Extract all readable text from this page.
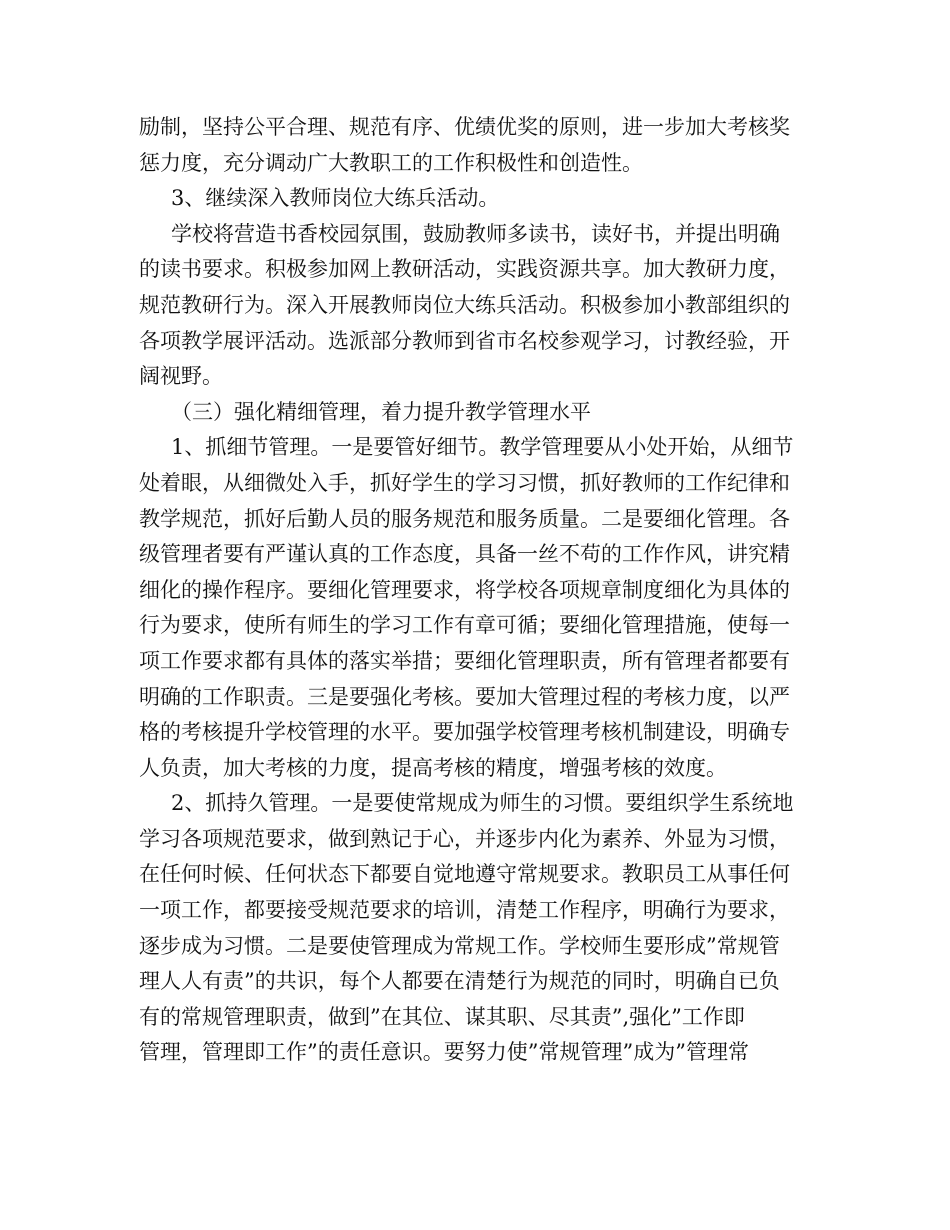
励制，坚持公平合理、规范有序、优绩优奖的原则，进一步加大考核奖
惩力度，充分调动广大教职工的工作积极性和创造性。
3、继续深入教师岗位大练兵活动。
学校将营造书香校园氛围，鼓励教师多读书，读好书，并提出明确
的读书要求。积极参加网上教研活动，实践资源共享。加大教研力度，
规范教研行为。深入开展教师岗位大练兵活动。积极参加小教部组织的
各项教学展评活动。选派部分教师到省市名校参观学习，讨教经验，开
阔视野。
（三）强化精细管理，着力提升教学管理水平
1、抓细节管理。一是要管好细节。教学管理要从小处开始，从细节
处着眼，从细微处入手，抓好学生的学习习惯，抓好教师的工作纪律和
教学规范，抓好后勤人员的服务规范和服务质量。二是要细化管理。各
级管理者要有严谨认真的工作态度，具备一丝不苟的工作作风，讲究精
细化的操作程序。要细化管理要求，将学校各项规章制度细化为具体的
行为要求，使所有师生的学习工作有章可循；要细化管理措施，使每一
项工作要求都有具体的落实举措；要细化管理职责，所有管理者都要有
明确的工作职责。三是要强化考核。要加大管理过程的考核力度，以严
格的考核提升学校管理的水平。要加强学校管理考核机制建设，明确专
人负责，加大考核的力度，提高考核的精度，增强考核的效度。
2、抓持久管理。一是要使常规成为师生的习惯。要组织学生系统地
学习各项规范要求，做到熟记于心，并逐步内化为素养、外显为习惯，
在任何时候、任何状态下都要自觉地遵守常规要求。教职员工从事任何
一项工作，都要接受规范要求的培训，清楚工作程序，明确行为要求，
逐步成为习惯。二是要使管理成为常规工作。学校师生要形成”常规管
理人人有责”的共识，每个人都要在清楚行为规范的同时，明确自已负
有的常规管理职责，做到”在其位、谋其职、尽其责”,强化”工作即
管理，管理即工作”的责任意识。要努力使”常规管理”成为”管理常
